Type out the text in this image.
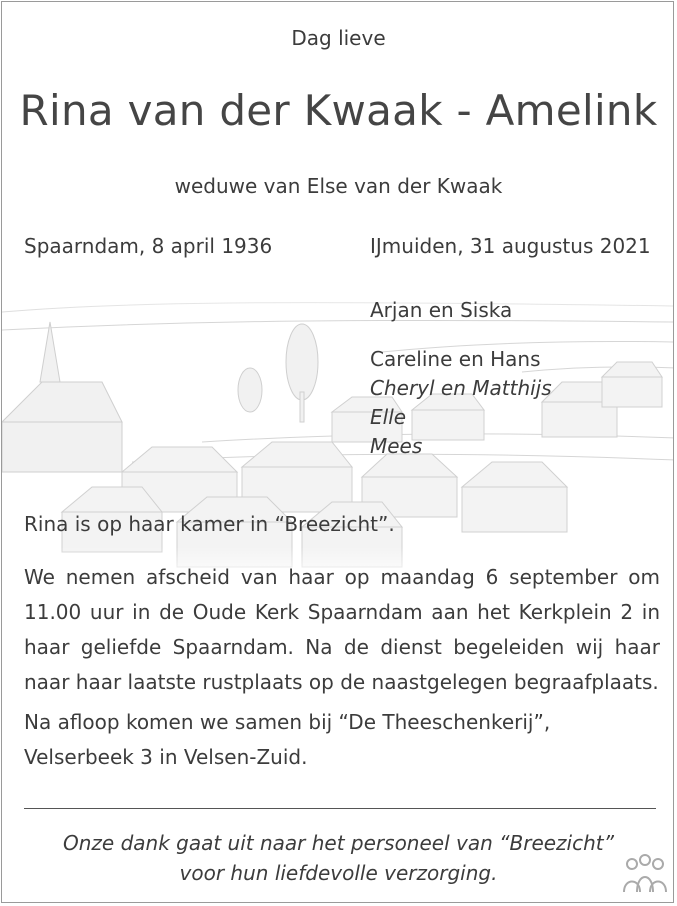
Dag lieve
Rina van der Kwaak - Amelink
weduwe van Else van der Kwaak
Spaarndam, 8 april 1936	IJmuiden, 31 augustus 2021
Arjan en Siska
Careline en Hans
Cheryl en Matthijs
Elle
Mees
Rina is op haar kamer in “Breezicht”.
We nemen afscheid van haar op maandag 6 september om 11.00 uur in de Oude Kerk Spaarndam aan het Kerkplein 2 in haar geliefde Spaarndam. Na de dienst begeleiden wij haar naar haar laatste rustplaats op de naastgelegen begraafplaats.
Na afloop komen we samen bij “De Theeschenkerij”,
Velserbeek 3 in Velsen-Zuid.
Onze dank gaat uit naar het personeel van “Breezicht”
voor hun liefdevolle verzorging.
